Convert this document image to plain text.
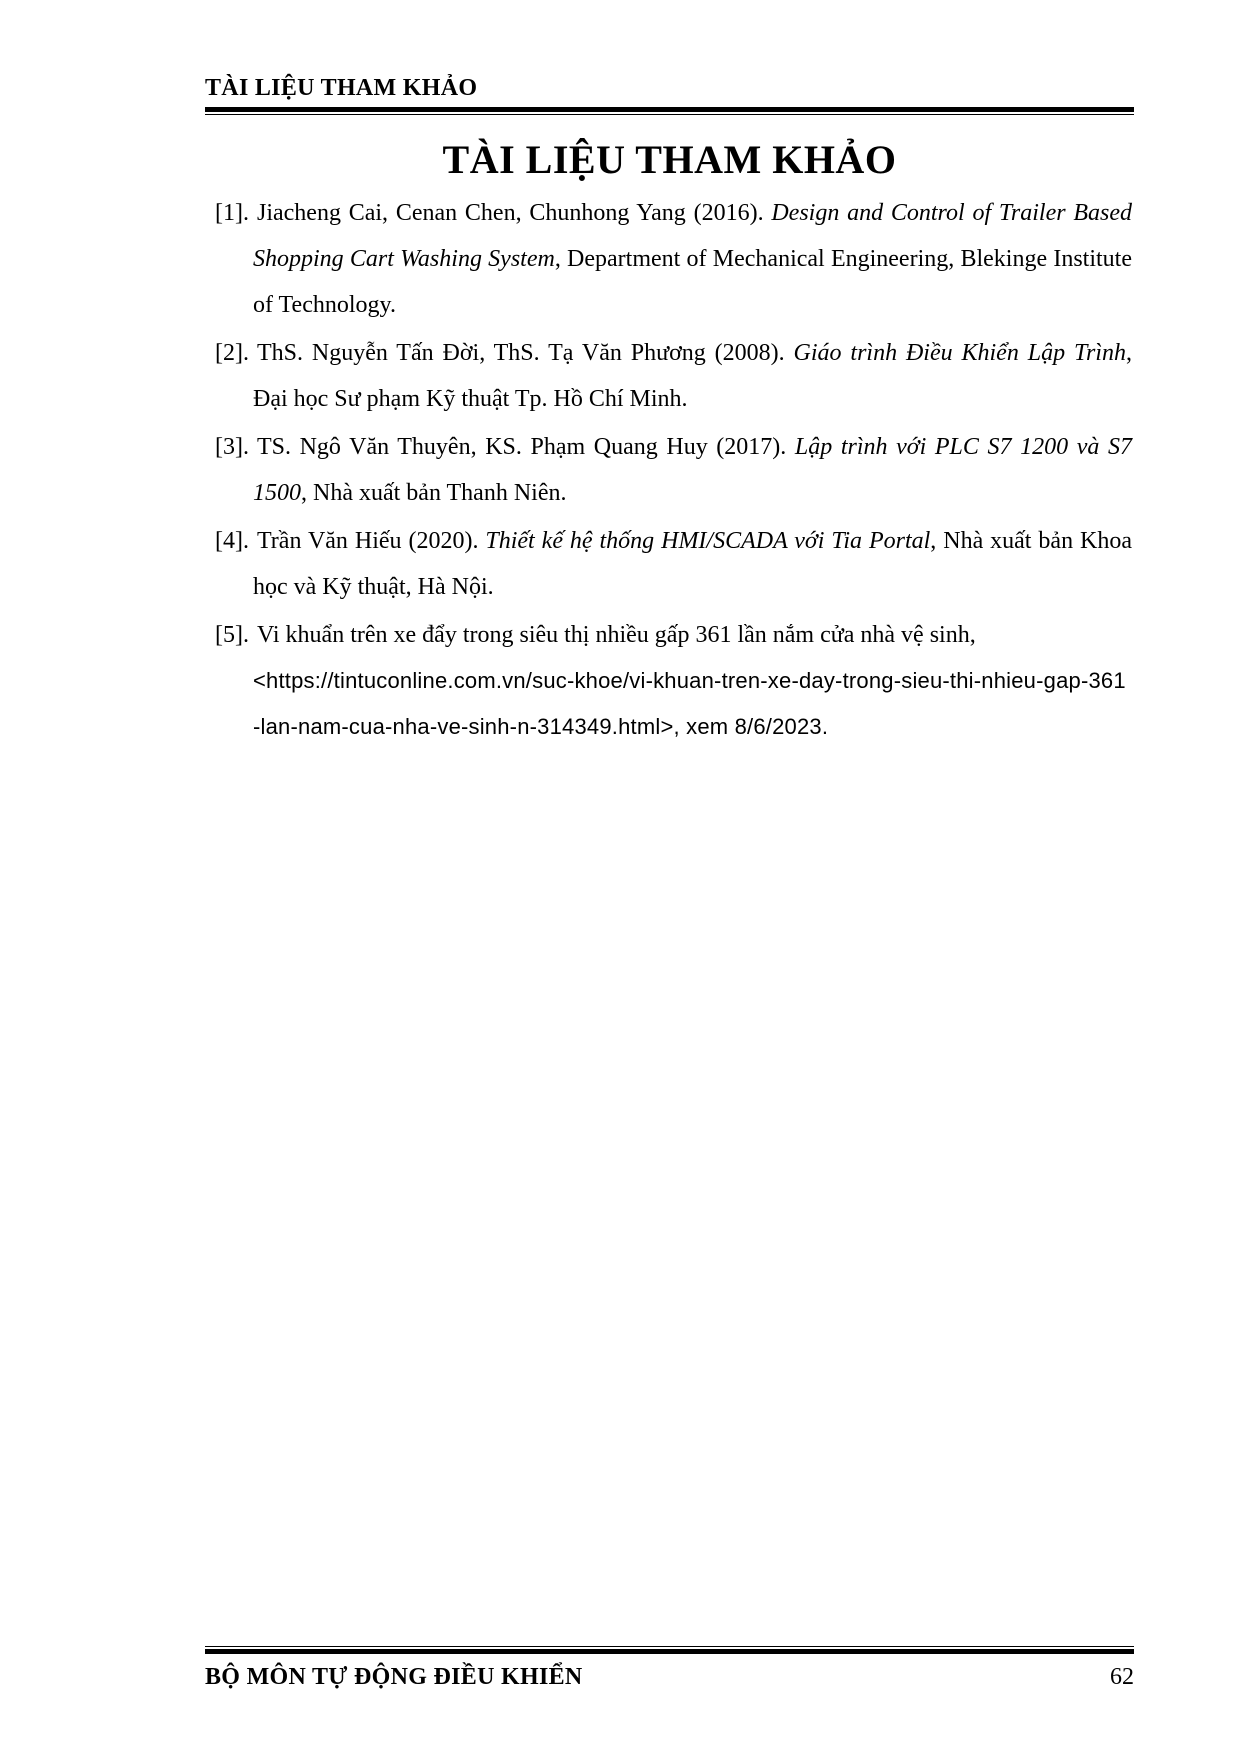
TÀI LIỆU THAM KHẢO
TÀI LIỆU THAM KHẢO
[1]. Jiacheng Cai, Cenan Chen, Chunhong Yang (2016). Design and Control of Trailer Based Shopping Cart Washing System, Department of Mechanical Engineering, Blekinge Institute of Technology.
[2]. ThS. Nguyễn Tấn Đời, ThS. Tạ Văn Phương (2008). Giáo trình Điều Khiển Lập Trình, Đại học Sư phạm Kỹ thuật Tp. Hồ Chí Minh.
[3]. TS. Ngô Văn Thuyên, KS. Phạm Quang Huy (2017). Lập trình với PLC S7 1200 và S7 1500, Nhà xuất bản Thanh Niên.
[4]. Trần Văn Hiếu (2020). Thiết kế hệ thống HMI/SCADA với Tia Portal, Nhà xuất bản Khoa học và Kỹ thuật, Hà Nội.
[5]. Vi khuẩn trên xe đẩy trong siêu thị nhiều gấp 361 lần nắm cửa nhà vệ sinh,
<https://tintuconline.com.vn/suc-khoe/vi-khuan-tren-xe-day-trong-sieu-thi-nhieu-gap-361-lan-nam-cua-nha-ve-sinh-n-314349.html>, xem 8/6/2023.
BỘ MÔN TỰ ĐỘNG ĐIỀU KHIỂN	62
